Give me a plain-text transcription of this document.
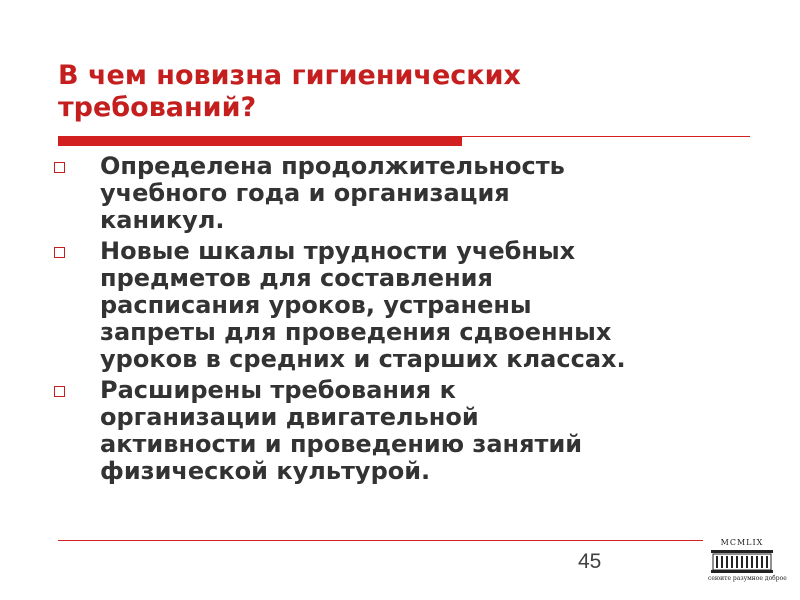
В чем новизна гигиенических
требований?
Определена продолжительность
учебного года и организация
каникул.
Новые шкалы трудности учебных
предметов для составления
расписания уроков, устранены
запреты для проведения сдвоенных
уроков в средних и старших классах.
Расширены требования к
организации двигательной
активности и проведению занятий
физической культурой.
45
MCMLIX
сеюите разумное доброе
